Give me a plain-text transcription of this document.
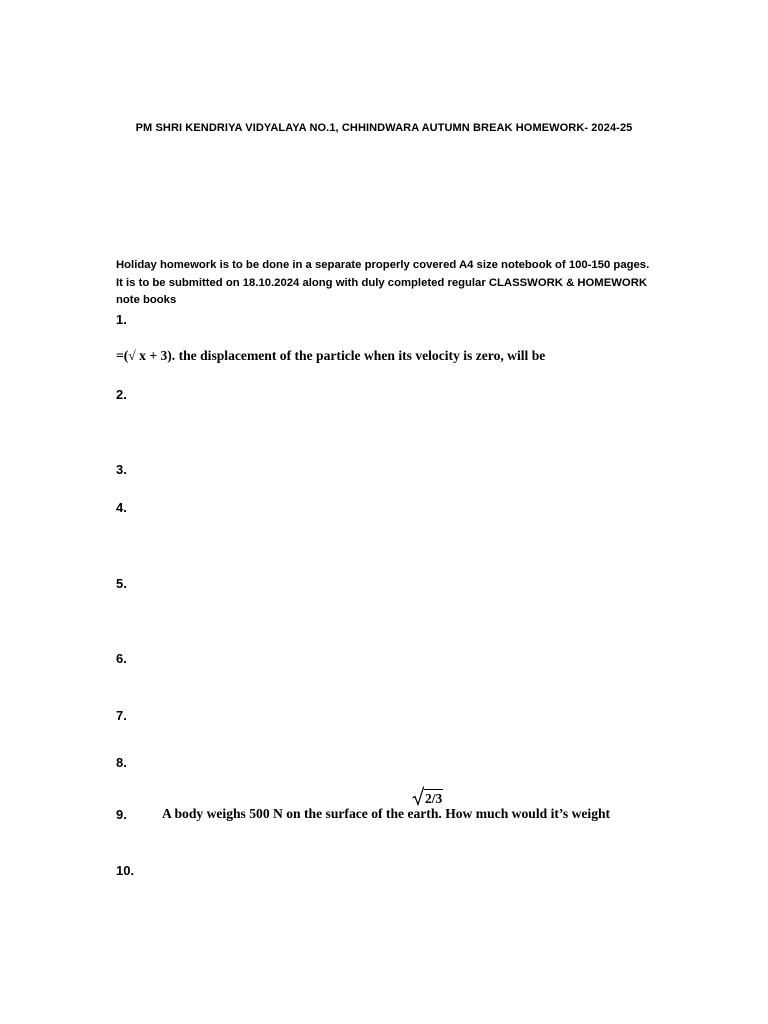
PM SHRI KENDRIYA VIDYALAYA NO.1, CHHINDWARA AUTUMN BREAK HOMEWORK- 2024-25
Holiday homework is to be done in a separate properly covered A4 size notebook of 100-150 pages.
It is to be submitted on 18.10.2024 along with duly completed regular CLASSWORK & HOMEWORK
note books
1.
=(√ x + 3). the displacement of the particle when its velocity is zero, will be
2.
3.
4.
5.
6.
7.
8.
2/3
9.	A body weighs 500 N on the surface of the earth. How much would it’s weight
10.
